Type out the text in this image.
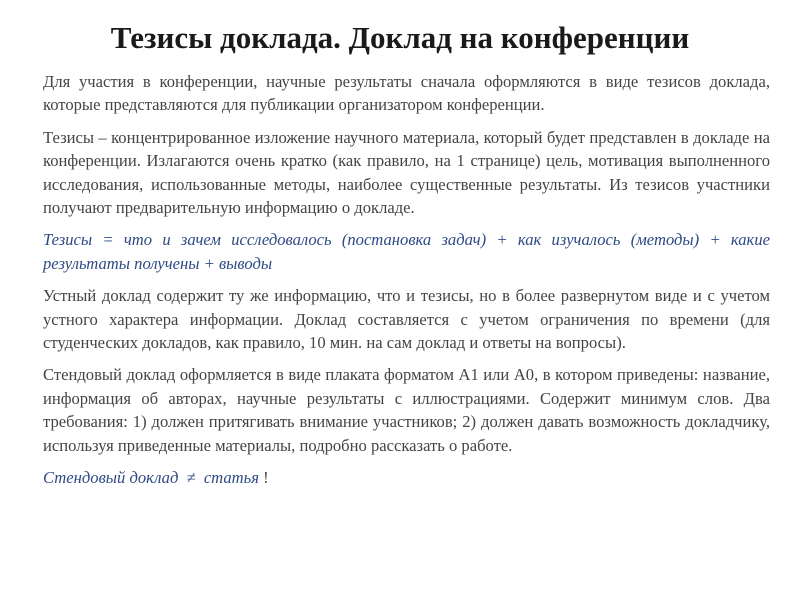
Тезисы доклада. Доклад на конференции

Для участия в конференции, научные результаты сначала оформляются в виде тезисов доклада, которые представляются для публикации организатором конференции.

Тезисы – концентрированное изложение научного материала, который будет представлен в докладе на конференции. Излагаются очень кратко (как правило, на 1 странице) цель, мотивация выполненного исследования, использованные методы, наиболее существенные результаты. Из тезисов участники получают предварительную информацию о докладе.

Тезисы = что и зачем исследовалось (постановка задач) + как изучалось (методы) + какие результаты получены + выводы

Устный доклад содержит ту же информацию, что и тезисы, но в более развернутом виде и с учетом устного характера информации. Доклад составляется с учетом ограничения по времени (для студенческих докладов, как правило, 10 мин. на сам доклад и ответы на вопросы).

Стендовый доклад оформляется в виде плаката форматом А1 или А0, в котором приведены: название, информация об авторах, научные результаты с иллюстрациями. Содержит минимум слов. Два требования: 1) должен притягивать внимание участников; 2) должен давать возможность докладчику, используя приведенные материалы, подробно рассказать о работе.

Стендовый доклад ≠ статья !
